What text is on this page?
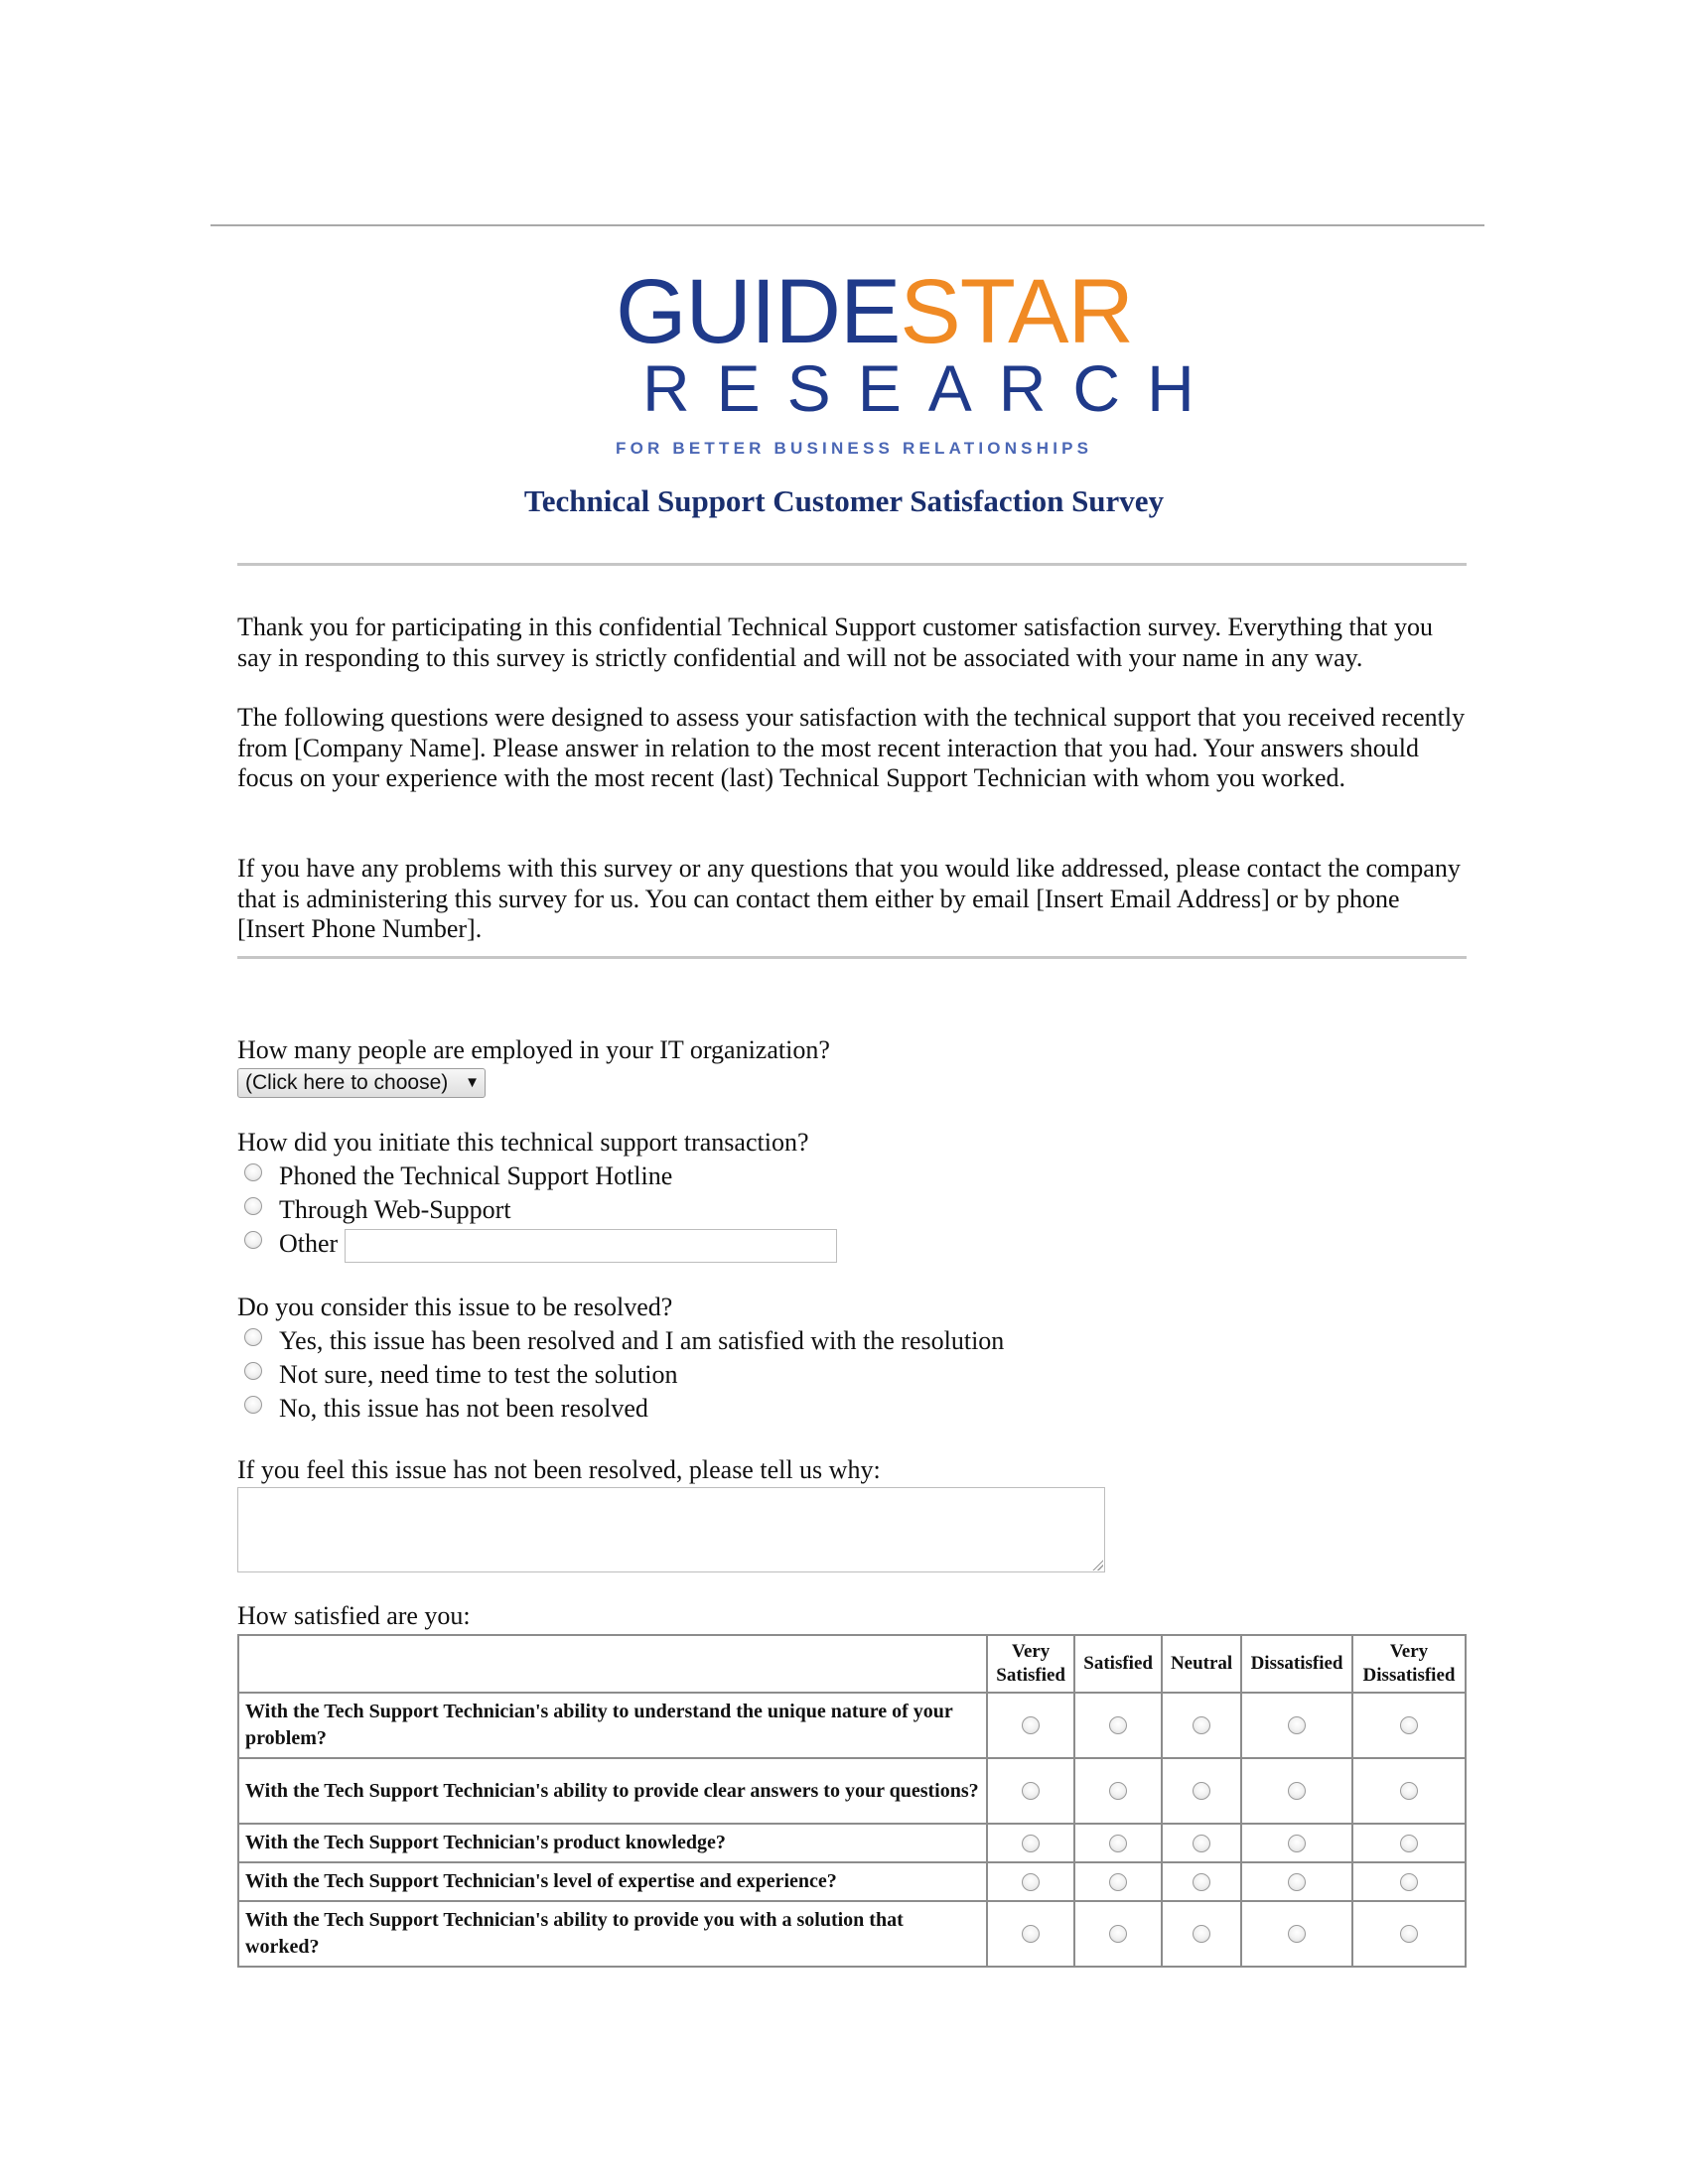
GUIDESTAR
RESEARCH
FOR BETTER BUSINESS RELATIONSHIPS
Technical Support Customer Satisfaction Survey
Thank you for participating in this confidential Technical Support customer satisfaction survey. Everything that you say in responding to this survey is strictly confidential and will not be associated with your name in any way.
The following questions were designed to assess your satisfaction with the technical support that you received recently from [Company Name]. Please answer in relation to the most recent interaction that you had. Your answers should focus on your experience with the most recent (last) Technical Support Technician with whom you worked.
If you have any problems with this survey or any questions that you would like addressed, please contact the company that is administering this survey for us. You can contact them either by email [Insert Email Address] or by phone [Insert Phone Number].
How many people are employed in your IT organization?
(Click here to choose) ▼
How did you initiate this technical support transaction?
Phoned the Technical Support Hotline
Through Web-Support
Other
Do you consider this issue to be resolved?
Yes, this issue has been resolved and I am satisfied with the resolution
Not sure, need time to test the solution
No, this issue has not been resolved
If you feel this issue has not been resolved, please tell us why:
How satisfied are you:
	Very Satisfied	Satisfied	Neutral	Dissatisfied	Very Dissatisfied
With the Tech Support Technician's ability to understand the unique nature of your problem?					
With the Tech Support Technician's ability to provide clear answers to your questions?					
With the Tech Support Technician's product knowledge?					
With the Tech Support Technician's level of expertise and experience?					
With the Tech Support Technician's ability to provide you with a solution that worked?					
